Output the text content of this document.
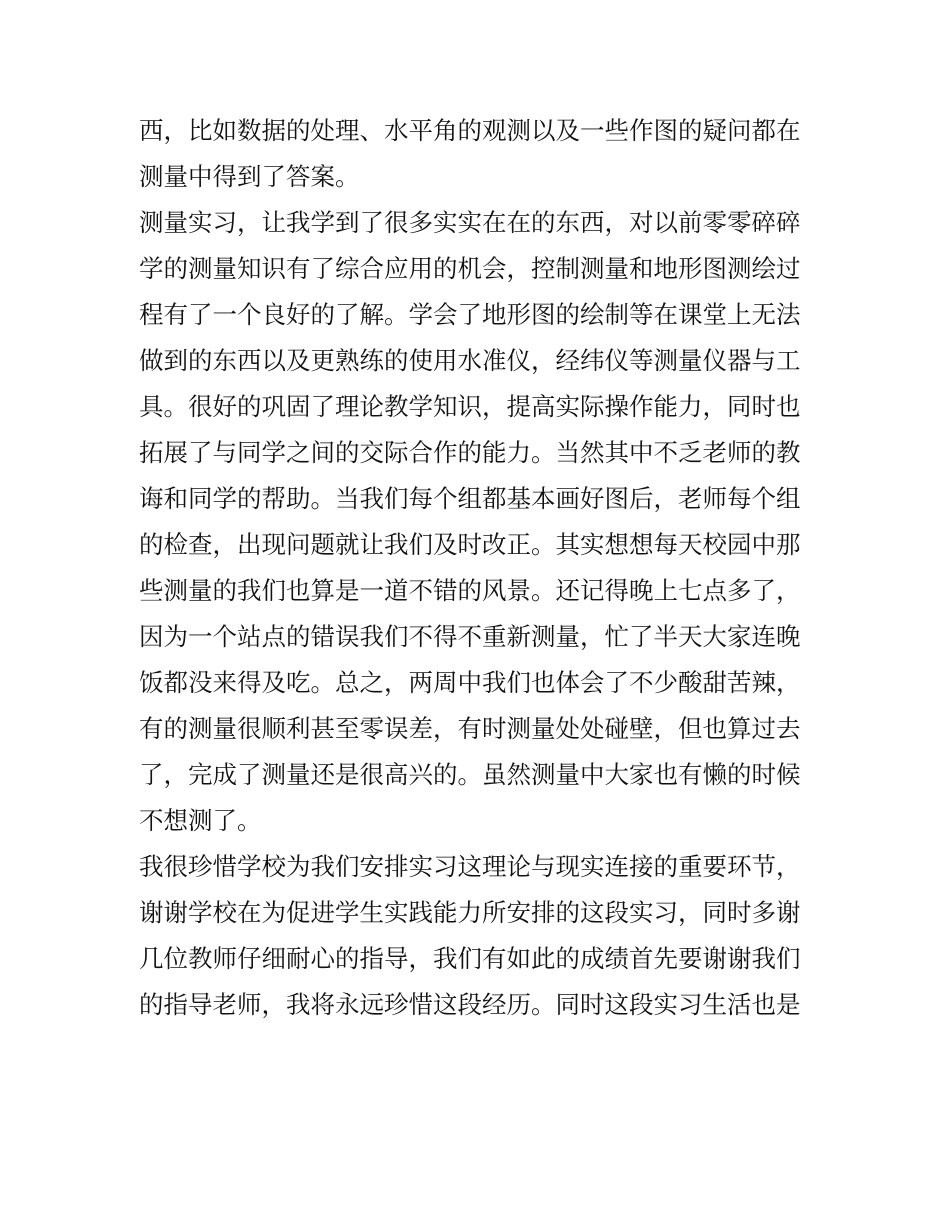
西，比如数据的处理、水平角的观测以及一些作图的疑问都在
测量中得到了答案。
测量实习，让我学到了很多实实在在的东西，对以前零零碎碎
学的测量知识有了综合应用的机会，控制测量和地形图测绘过
程有了一个良好的了解。学会了地形图的绘制等在课堂上无法
做到的东西以及更熟练的使用水准仪，经纬仪等测量仪器与工
具。很好的巩固了理论教学知识，提高实际操作能力，同时也
拓展了与同学之间的交际合作的能力。当然其中不乏老师的教
诲和同学的帮助。当我们每个组都基本画好图后，老师每个组
的检查，出现问题就让我们及时改正。其实想想每天校园中那
些测量的我们也算是一道不错的风景。还记得晚上七点多了，
因为一个站点的错误我们不得不重新测量，忙了半天大家连晚
饭都没来得及吃。总之，两周中我们也体会了不少酸甜苦辣，
有的测量很顺利甚至零误差，有时测量处处碰壁，但也算过去
了，完成了测量还是很高兴的。虽然测量中大家也有懒的时候
不想测了。
我很珍惜学校为我们安排实习这理论与现实连接的重要环节，
谢谢学校在为促进学生实践能力所安排的这段实习，同时多谢
几位教师仔细耐心的指导，我们有如此的成绩首先要谢谢我们
的指导老师，我将永远珍惜这段经历。同时这段实习生活也是
